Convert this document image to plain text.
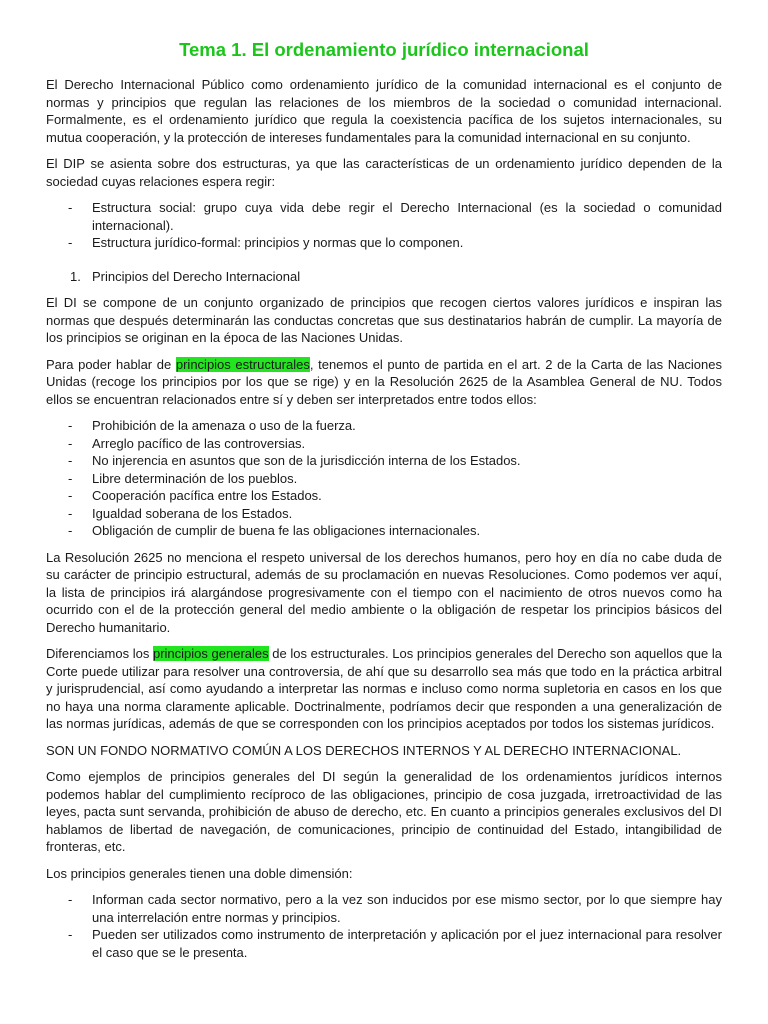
Tema 1. El ordenamiento jurídico internacional

El Derecho Internacional Público como ordenamiento jurídico de la comunidad internacional es el conjunto de normas y principios que regulan las relaciones de los miembros de la sociedad o comunidad internacional. Formalmente, es el ordenamiento jurídico que regula la coexistencia pacífica de los sujetos internacionales, su mutua cooperación, y la protección de intereses fundamentales para la comunidad internacional en su conjunto.

El DIP se asienta sobre dos estructuras, ya que las características de un ordenamiento jurídico dependen de la sociedad cuyas relaciones espera regir:

- Estructura social: grupo cuya vida debe regir el Derecho Internacional (es la sociedad o comunidad internacional).
- Estructura jurídico-formal: principios y normas que lo componen.
1. Principios del Derecho Internacional

El DI se compone de un conjunto organizado de principios que recogen ciertos valores jurídicos e inspiran las normas que después determinarán las conductas concretas que sus destinatarios habrán de cumplir. La mayoría de los principios se originan en la época de las Naciones Unidas.

Para poder hablar de principios estructurales, tenemos el punto de partida en el art. 2 de la Carta de las Naciones Unidas (recoge los principios por los que se rige) y en la Resolución 2625 de la Asamblea General de NU. Todos ellos se encuentran relacionados entre sí y deben ser interpretados entre todos ellos:

- Prohibición de la amenaza o uso de la fuerza.
- Arreglo pacífico de las controversias.
- No injerencia en asuntos que son de la jurisdicción interna de los Estados.
- Libre determinación de los pueblos.
- Cooperación pacífica entre los Estados.
- Igualdad soberana de los Estados.
- Obligación de cumplir de buena fe las obligaciones internacionales.

La Resolución 2625 no menciona el respeto universal de los derechos humanos, pero hoy en día no cabe duda de su carácter de principio estructural, además de su proclamación en nuevas Resoluciones. Como podemos ver aquí, la lista de principios irá alargándose progresivamente con el tiempo con el nacimiento de otros nuevos como ha ocurrido con el de la protección general del medio ambiente o la obligación de respetar los principios básicos del Derecho humanitario.

Diferenciamos los principios generales de los estructurales. Los principios generales del Derecho son aquellos que la Corte puede utilizar para resolver una controversia, de ahí que su desarrollo sea más que todo en la práctica arbitral y jurisprudencial, así como ayudando a interpretar las normas e incluso como norma supletoria en casos en los que no haya una norma claramente aplicable. Doctrinalmente, podríamos decir que responden a una generalización de las normas jurídicas, además de que se corresponden con los principios aceptados por todos los sistemas jurídicos.

SON UN FONDO NORMATIVO COMÚN A LOS DERECHOS INTERNOS Y AL DERECHO INTERNACIONAL.

Como ejemplos de principios generales del DI según la generalidad de los ordenamientos jurídicos internos podemos hablar del cumplimiento recíproco de las obligaciones, principio de cosa juzgada, irretroactividad de las leyes, pacta sunt servanda, prohibición de abuso de derecho, etc. En cuanto a principios generales exclusivos del DI hablamos de libertad de navegación, de comunicaciones, principio de continuidad del Estado, intangibilidad de fronteras, etc.

Los principios generales tienen una doble dimensión:

- Informan cada sector normativo, pero a la vez son inducidos por ese mismo sector, por lo que siempre hay una interrelación entre normas y principios.
- Pueden ser utilizados como instrumento de interpretación y aplicación por el juez internacional para resolver el caso que se le presenta.
